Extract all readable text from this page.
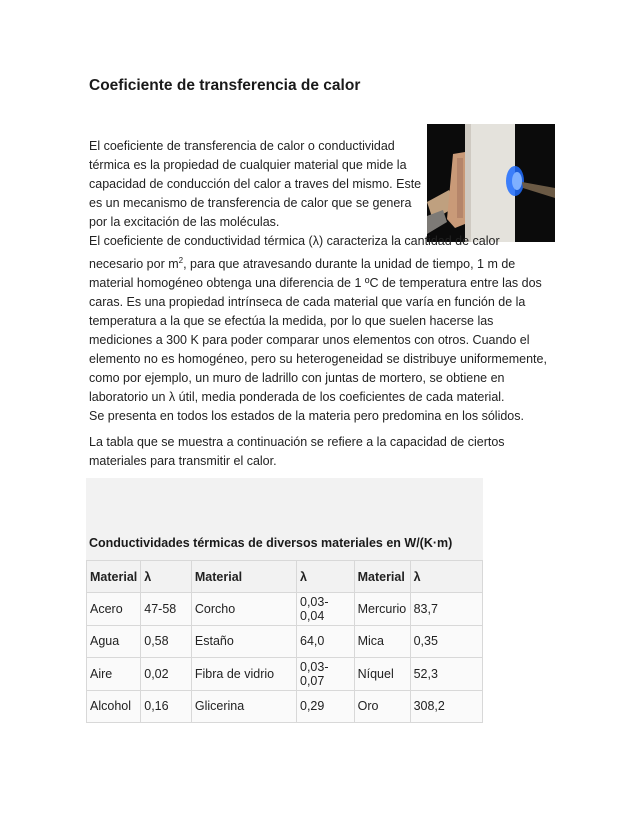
Coeficiente de transferencia de calor

El coeficiente de transferencia de calor o conductividad térmica es la propiedad de cualquier material que mide la capacidad de conducción del calor a traves del mismo. Este es un mecanismo de transferencia de calor que se genera por la excitación de las moléculas.

El coeficiente de conductividad térmica (λ) caracteriza la cantidad de calor necesario por $m^2$, para que atravesando durante la unidad de tiempo, 1 m de material homogéneo obtenga una diferencia de 1 ºC de temperatura entre las dos caras. Es una propiedad intrínseca de cada material que varía en función de la temperatura a la que se efectúa la medida, por lo que suelen hacerse las mediciones a 300 K para poder comparar unos elementos con otros. Cuando el elemento no es homogéneo, pero su heterogeneidad se distribuye uniformemente, como por ejemplo, un muro de ladrillo con juntas de mortero, se obtiene en laboratorio un λ útil, media ponderada de los coeficientes de cada material.

Se presenta en todos los estados de la materia pero predomina en los sólidos.

La tabla que se muestra a continuación se refiere a la capacidad de ciertos materiales para transmitir el calor.

Conductividades térmicas de diversos materiales en W/(K·m)

Material	λ	Material	λ	Material	λ
Acero	47-58	Corcho	0,03-0,04	Mercurio	83,7
Agua	0,58	Estaño	64,0	Mica	0,35
Aire	0,02	Fibra de vidrio	0,03-0,07	Níquel	52,3
Alcohol	0,16	Glicerina	0,29	Oro	308,2
